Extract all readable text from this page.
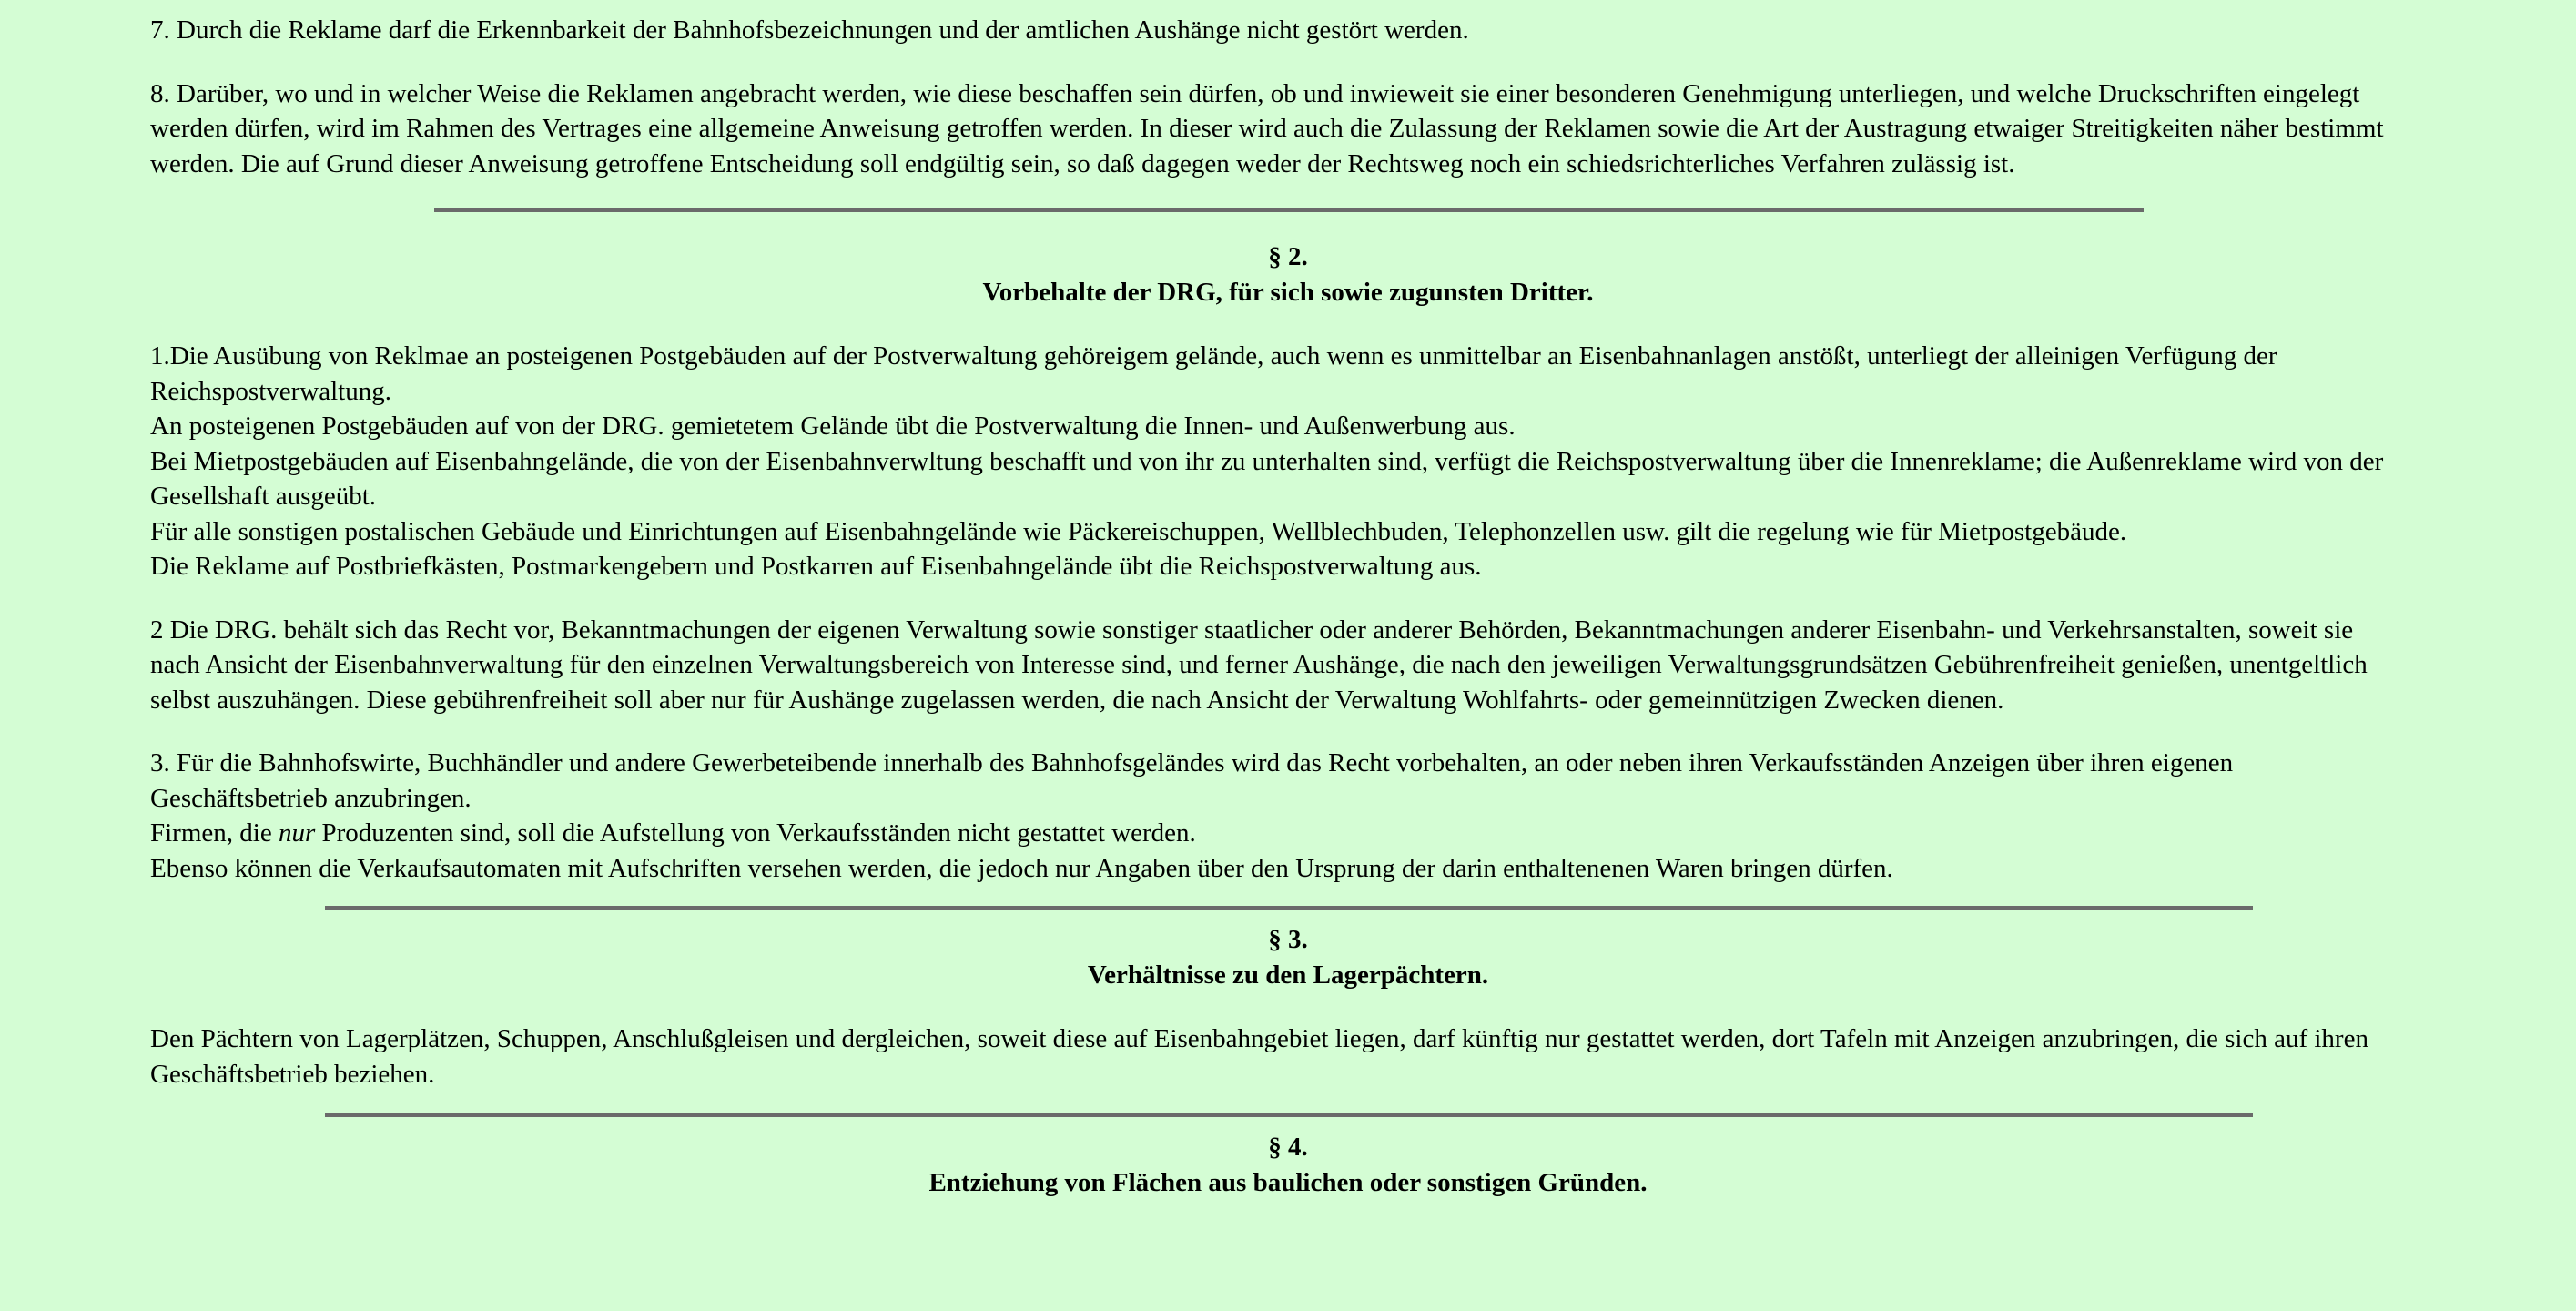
7. Durch die Reklame darf die Erkennbarkeit der Bahnhofsbezeichnungen und der amtlichen Aushänge nicht gestört werden.

8. Darüber, wo und in welcher Weise die Reklamen angebracht werden, wie diese beschaffen sein dürfen, ob und inwieweit sie einer besonderen Genehmigung unterliegen, und welche Druckschriften eingelegt werden dürfen, wird im Rahmen des Vertrages eine allgemeine Anweisung getroffen werden. In dieser wird auch die Zulassung der Reklamen sowie die Art der Austragung etwaiger Streitigkeiten näher bestimmt werden. Die auf Grund dieser Anweisung getroffene Entscheidung soll endgültig sein, so daß dagegen weder der Rechtsweg noch ein schiedsrichterliches Verfahren zulässig ist.

§ 2.
Vorbehalte der DRG, für sich sowie zugunsten Dritter.

1.Die Ausübung von Reklmae an posteigenen Postgebäuden auf der Postverwaltung gehöreigem gelände, auch wenn es unmittelbar an Eisenbahnanlagen anstößt, unterliegt der alleinigen Verfügung der Reichspostverwaltung.

An posteigenen Postgebäuden auf von der DRG. gemietetem Gelände übt die Postverwaltung die Innen- und Außenwerbung aus.

Bei Mietpostgebäuden auf Eisenbahngelände, die von der Eisenbahnverwltung beschafft und von ihr zu unterhalten sind, verfügt die Reichspostverwaltung über die Innenreklame; die Außenreklame wird von der Gesellshaft ausgeübt.

Für alle sonstigen postalischen Gebäude und Einrichtungen auf Eisenbahngelände wie Päckereischuppen, Wellblechbuden, Telephonzellen usw. gilt die regelung wie für Mietpostgebäude.

Die Reklame auf Postbriefkästen, Postmarkengebern und Postkarren auf Eisenbahngelände übt die Reichspostverwaltung aus.

2 Die DRG. behält sich das Recht vor, Bekanntmachungen der eigenen Verwaltung sowie sonstiger staatlicher oder anderer Behörden, Bekanntmachungen anderer Eisenbahn- und Verkehrsanstalten, soweit sie nach Ansicht der Eisenbahnverwaltung für den einzelnen Verwaltungsbereich von Interesse sind, und ferner Aushänge, die nach den jeweiligen Verwaltungsgrundsätzen Gebührenfreiheit genießen, unentgeltlich selbst auszuhängen. Diese gebührenfreiheit soll aber nur für Aushänge zugelassen werden, die nach Ansicht der Verwaltung Wohlfahrts- oder gemeinnützigen Zwecken dienen.

3. Für die Bahnhofswirte, Buchhändler und andere Gewerbeteibende innerhalb des Bahnhofsgeländes wird das Recht vorbehalten, an oder neben ihren Verkaufsständen Anzeigen über ihren eigenen Geschäftsbetrieb anzubringen.

Firmen, die nur Produzenten sind, soll die Aufstellung von Verkaufsständen nicht gestattet werden.

Ebenso können die Verkaufsautomaten mit Aufschriften versehen werden, die jedoch nur Angaben über den Ursprung der darin enthaltenenen Waren bringen dürfen.

§ 3.
Verhältnisse zu den Lagerpächtern.

Den Pächtern von Lagerplätzen, Schuppen, Anschlußgleisen und dergleichen, soweit diese auf Eisenbahngebiet liegen, darf künftig nur gestattet werden, dort Tafeln mit Anzeigen anzubringen, die sich auf ihren Geschäftsbetrieb beziehen.

§ 4.
Entziehung von Flächen aus baulichen oder sonstigen Gründen.
